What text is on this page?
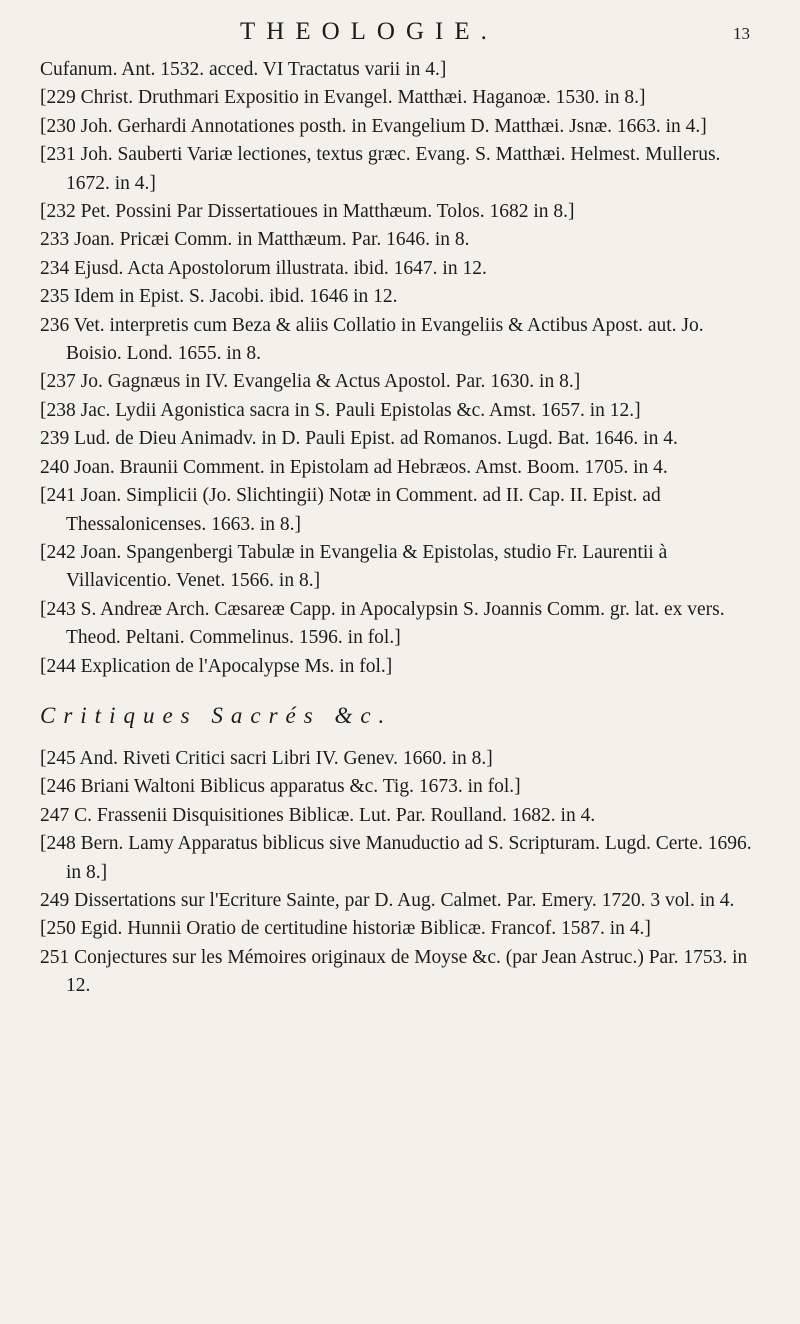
THEOLOGIE.	13

Cufanum. Ant. 1532. acced. VI Tractatus varii in 4.]

[229 Christ. Druthmari Expositio in Evangel. Matthæi. Haganoæ. 1530. in 8.]

[230 Joh. Gerhardi Annotationes posth. in Evangelium D. Matthæi. Jsnæ. 1663. in 4.]

[231 Joh. Sauberti Variæ lectiones, textus græc. Evang. S. Matthæi. Helmest. Mullerus. 1672. in 4.]

[232 Pet. Possini Par Dissertatioues in Matthæum. Tolos. 1682 in 8.]

233 Joan. Pricæi Comm. in Matthæum. Par. 1646. in 8.

234 Ejusd. Acta Apostolorum illustrata. ibid. 1647. in 12.

235 Idem in Epist. S. Jacobi. ibid. 1646 in 12.

236 Vet. interpretis cum Beza & aliis Collatio in Evangeliis & Actibus Apost. aut. Jo. Boisio. Lond. 1655. in 8.

[237 Jo. Gagnæus in IV. Evangelia & Actus Apostol. Par. 1630. in 8.]

[238 Jac. Lydii Agonistica sacra in S. Pauli Epistolas &c. Amst. 1657. in 12.]

239 Lud. de Dieu Animadv. in D. Pauli Epist. ad Romanos. Lugd. Bat. 1646. in 4.

240 Joan. Braunii Comment. in Epistolam ad Hebræos. Amst. Boom. 1705. in 4.

[241 Joan. Simplicii (Jo. Slichtingii) Notæ in Comment. ad II. Cap. II. Epist. ad Thessalonicenses. 1663. in 8.]

[242 Joan. Spangenbergi Tabulæ in Evangelia & Epistolas, studio Fr. Laurentii à Villavicentio. Venet. 1566. in 8.]

[243 S. Andreæ Arch. Cæsareæ Capp. in Apocalypsin S. Joannis Comm. gr. lat. ex vers. Theod. Peltani. Commelinus. 1596. in fol.]

[244 Explication de l'Apocalypse Ms. in fol.]

Critiques Sacrés &c.

[245 And. Riveti Critici sacri Libri IV. Genev. 1660. in 8.]

[246 Briani Waltoni Biblicus apparatus &c. Tig. 1673. in fol.]

247 C. Frassenii Disquisitiones Biblicæ. Lut. Par. Roulland. 1682. in 4.

[248 Bern. Lamy Apparatus biblicus sive Manuductio ad S. Scripturam. Lugd. Certe. 1696. in 8.]

249 Dissertations sur l'Ecriture Sainte, par D. Aug. Calmet. Par. Emery. 1720. 3 vol. in 4.

[250 Egid. Hunnii Oratio de certitudine historiæ Biblicæ. Francof. 1587. in 4.]

251 Conjectures sur les Mémoires originaux de Moyse &c. (par Jean Astruc.) Par. 1753. in 12.
